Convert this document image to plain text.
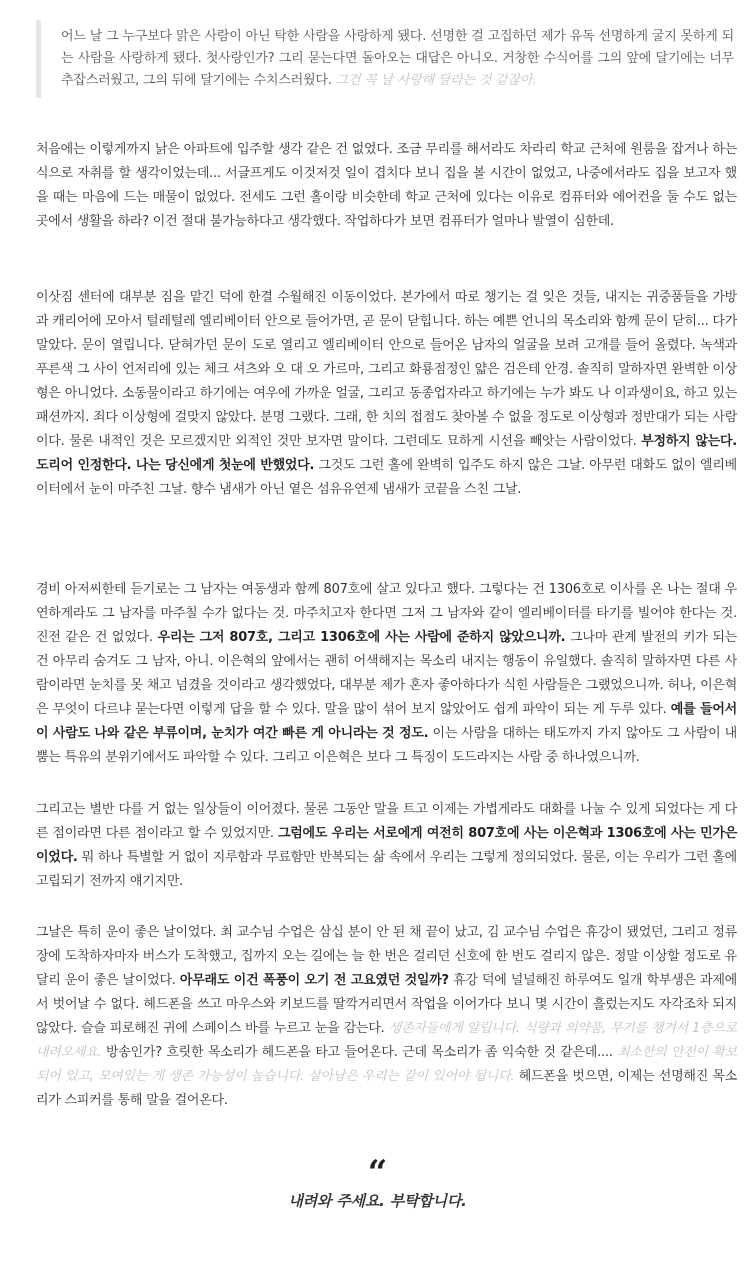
어느 날 그 누구보다 맑은 사람이 아닌 탁한 사람을 사랑하게 됐다. 선명한 걸 고집하던 제가 유독 선명하게 굴지 못하게 되는 사람을 사랑하게 됐다. 첫사랑인가? 그리 묻는다면 돌아오는 대답은 아니오. 거창한 수식어를 그의 앞에 달기에는 너무 추잡스러웠고, 그의 뒤에 달기에는 수치스러웠다. 그건 꼭 날 사랑해 달라는 것 같잖아.

처음에는 이렇게까지 낡은 아파트에 입주할 생각 같은 건 없었다. 조금 무리를 해서라도 차라리 학교 근처에 원룸을 잡거나 하는 식으로 자취를 할 생각이었는데... 서글프게도 이것저것 일이 겹치다 보니 집을 볼 시간이 없었고, 나중에서라도 집을 보고자 했을 때는 마음에 드는 매물이 없었다. 전세도 그런 홀이랑 비슷한데 학교 근처에 있다는 이유로 컴퓨터와 에어컨을 둘 수도 없는 곳에서 생활을 하라? 이건 절대 불가능하다고 생각했다. 작업하다가 보면 컴퓨터가 얼마나 발열이 심한데.

이삿짐 센터에 대부분 짐을 맡긴 덕에 한결 수월해진 이동이었다. 본가에서 따로 챙기는 걸 잊은 것들, 내지는 귀중품들을 가방과 캐리어에 모아서 털레털레 엘리베이터 안으로 들어가면, 곧 문이 닫힙니다. 하는 예쁜 언니의 목소리와 함께 문이 닫히... 다가 말았다. 문이 열립니다. 닫혀가던 문이 도로 열리고 엘리베이터 안으로 들어온 남자의 얼굴을 보려 고개를 들어 올렸다. 녹색과 푸른색 그 사이 언저리에 있는 체크 셔츠와 오 대 오 가르마, 그리고 화룡점정인 얇은 검은테 안경. 솔직히 말하자면 완벽한 이상형은 아니었다. 소동물이라고 하기에는 여우에 가까운 얼굴, 그리고 동종업자라고 하기에는 누가 봐도 나 이과생이요, 하고 있는 패션까지. 죄다 이상형에 걸맞지 않았다. 분명 그랬다. 그래, 한 치의 접점도 찾아볼 수 없을 정도로 이상형과 정반대가 되는 사람이다. 물론 내적인 것은 모르겠지만 외적인 것만 보자면 말이다. 그런데도 묘하게 시선을 빼앗는 사람이었다. 부정하지 않는다. 도리어 인정한다. 나는 당신에게 첫눈에 반했었다. 그것도 그런 홀에 완벽히 입주도 하지 않은 그날. 아무런 대화도 없이 엘리베이터에서 눈이 마주친 그날. 향수 냄새가 아닌 옅은 섬유유연제 냄새가 코끝을 스친 그날.

경비 아저씨한테 듣기로는 그 남자는 여동생과 함께 807호에 살고 있다고 했다. 그렇다는 건 1306호로 이사를 온 나는 절대 우연하게라도 그 남자를 마주칠 수가 없다는 것. 마주치고자 한다면 그저 그 남자와 같이 엘리베이터를 타기를 빌어야 한다는 것. 진전 같은 건 없었다. 우리는 그저 807호, 그리고 1306호에 사는 사람에 준하지 않았으니까. 그나마 관계 발전의 키가 되는 건 아무리 숨겨도 그 남자, 아니. 이은혁의 앞에서는 괜히 어색해지는 목소리 내지는 행동이 유일했다. 솔직히 말하자면 다른 사람이라면 눈치를 못 채고 넘겼을 것이라고 생각했었다, 대부분 제가 혼자 좋아하다가 식힌 사람들은 그랬었으니까. 허나, 이은혁은 무엇이 다르냐 묻는다면 이렇게 답을 할 수 있다. 말을 많이 섞어 보지 않았어도 쉽게 파악이 되는 게 두루 있다. 예를 들어서 이 사람도 나와 같은 부류이며, 눈치가 여간 빠른 게 아니라는 것 정도. 이는 사람을 대하는 태도까지 가지 않아도 그 사람이 내뿜는 특유의 분위기에서도 파악할 수 있다. 그리고 이은혁은 보다 그 특징이 도드라지는 사람 중 하나였으니까.

그리고는 별반 다를 거 없는 일상들이 이어졌다. 물론 그동안 말을 트고 이제는 가볍게라도 대화를 나눌 수 있게 되었다는 게 다른 점이라면 다른 점이라고 할 수 있었지만. 그럼에도 우리는 서로에게 여전히 807호에 사는 이은혁과 1306호에 사는 민가은이었다. 뭐 하나 특별할 거 없이 지루함과 무료함만 반복되는 삶 속에서 우리는 그렇게 정의되었다. 물론, 이는 우리가 그런 홀에 고립되기 전까지 얘기지만.

그날은 특히 운이 좋은 날이었다. 최 교수님 수업은 삼십 분이 안 된 채 끝이 났고, 김 교수님 수업은 휴강이 됐었던, 그리고 정류장에 도착하자마자 버스가 도착했고, 집까지 오는 길에는 늘 한 번은 걸리던 신호에 한 번도 걸리지 않은. 정말 이상할 정도로 유달리 운이 좋은 날이었다. 아무래도 이건 폭풍이 오기 전 고요였던 것일까? 휴강 덕에 널널해진 하루여도 일개 학부생은 과제에서 벗어날 수 없다. 헤드폰을 쓰고 마우스와 키보드를 딸깍거리면서 작업을 이어가다 보니 몇 시간이 흘렀는지도 자각조차 되지 않았다. 슬슬 피로해진 귀에 스페이스 바를 누르고 눈을 감는다. 생존자들에게 알립니다. 식량과 의약품, 무기를 챙겨서 1층으로 내려오세요. 방송인가? 흐릿한 목소리가 헤드폰을 타고 들어온다. 근데 목소리가 좀 익숙한 것 같은데.... 최소한의 안전이 확보되어 있고, 모여있는 게 생존 가능성이 높습니다. 살아남은 우리는 같이 있어야 됩니다. 헤드폰을 벗으면, 이제는 선명해진 목소리가 스피커를 통해 말을 걸어온다.

“
내려와 주세요. 부탁합니다.
